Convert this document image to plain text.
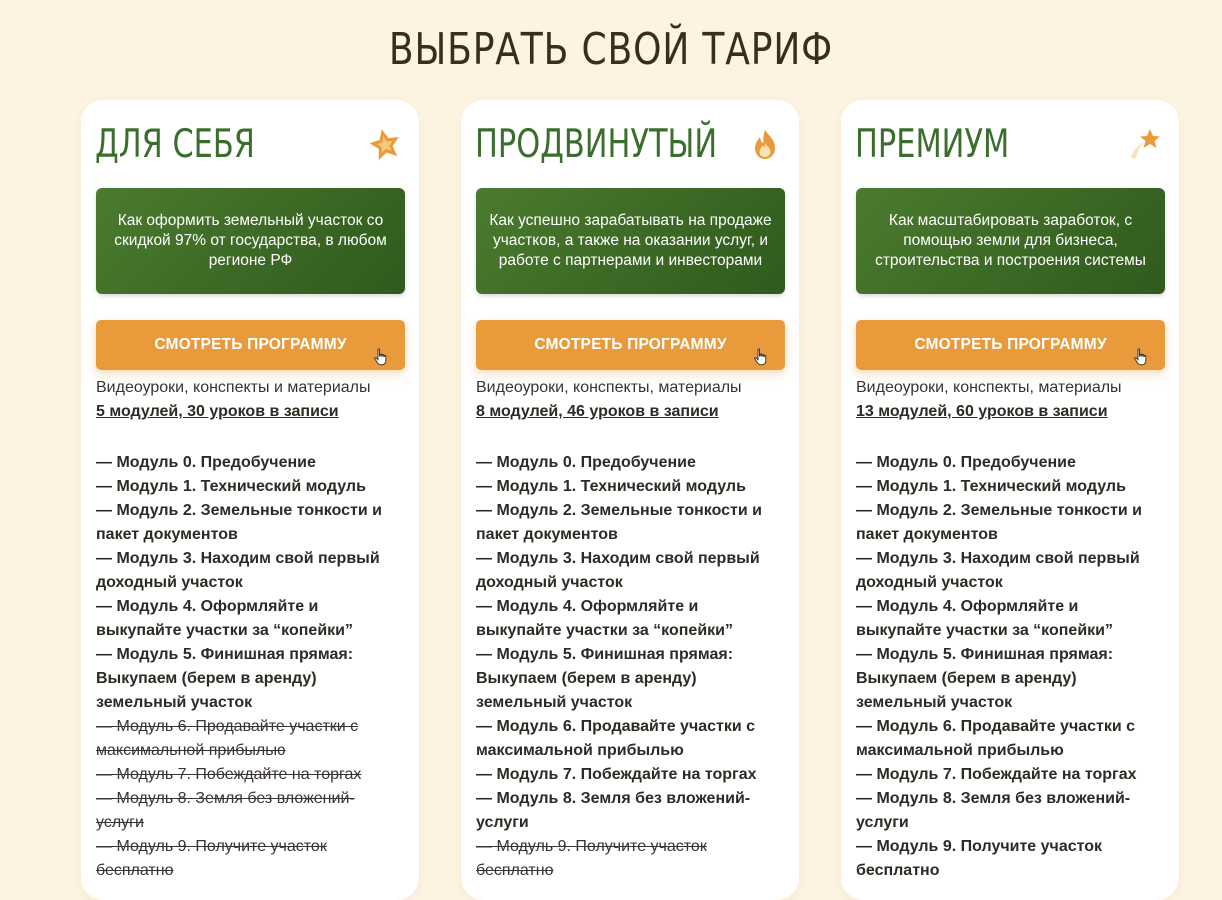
ВЫБРАТЬ СВОЙ ТАРИФ
ДЛЯ СЕБЯ
Как оформить земельный участок со скидкой 97% от государства, в любом регионе РФ
СМОТРЕТЬ ПРОГРАММУ
Видеоуроки, конспекты и материалы
5 модулей, 30 уроков в записи
— Модуль 0. Предобучение
— Модуль 1. Технический модуль
— Модуль 2. Земельные тонкости и пакет документов
— Модуль 3. Находим свой первый доходный участок
— Модуль 4. Оформляйте и выкупайте участки за “копейки”
— Модуль 5. Финишная прямая: Выкупаем (берем в аренду) земельный участок
— Модуль 6. Продавайте участки с максимальной прибылью
— Модуль 7. Побеждайте на торгах
— Модуль 8. Земля без вложений-услуги
— Модуль 9. Получите участок бесплатно
ПРОДВИНУТЫЙ
Как успешно зарабатывать на продаже участков, а также на оказании услуг, и работе с партнерами и инвесторами
СМОТРЕТЬ ПРОГРАММУ
Видеоуроки, конспекты, материалы
8 модулей, 46 уроков в записи
— Модуль 0. Предобучение
— Модуль 1. Технический модуль
— Модуль 2. Земельные тонкости и пакет документов
— Модуль 3. Находим свой первый доходный участок
— Модуль 4. Оформляйте и выкупайте участки за “копейки”
— Модуль 5. Финишная прямая: Выкупаем (берем в аренду) земельный участок
— Модуль 6. Продавайте участки с максимальной прибылью
— Модуль 7. Побеждайте на торгах
— Модуль 8. Земля без вложений-услуги
— Модуль 9. Получите участок бесплатно
ПРЕМИУМ
Как масштабировать заработок, с помощью земли для бизнеса, строительства и построения системы
СМОТРЕТЬ ПРОГРАММУ
Видеоуроки, конспекты, материалы
13 модулей, 60 уроков в записи
— Модуль 0. Предобучение
— Модуль 1. Технический модуль
— Модуль 2. Земельные тонкости и пакет документов
— Модуль 3. Находим свой первый доходный участок
— Модуль 4. Оформляйте и выкупайте участки за “копейки”
— Модуль 5. Финишная прямая: Выкупаем (берем в аренду) земельный участок
— Модуль 6. Продавайте участки с максимальной прибылью
— Модуль 7. Побеждайте на торгах
— Модуль 8. Земля без вложений-услуги
— Модуль 9. Получите участок бесплатно
